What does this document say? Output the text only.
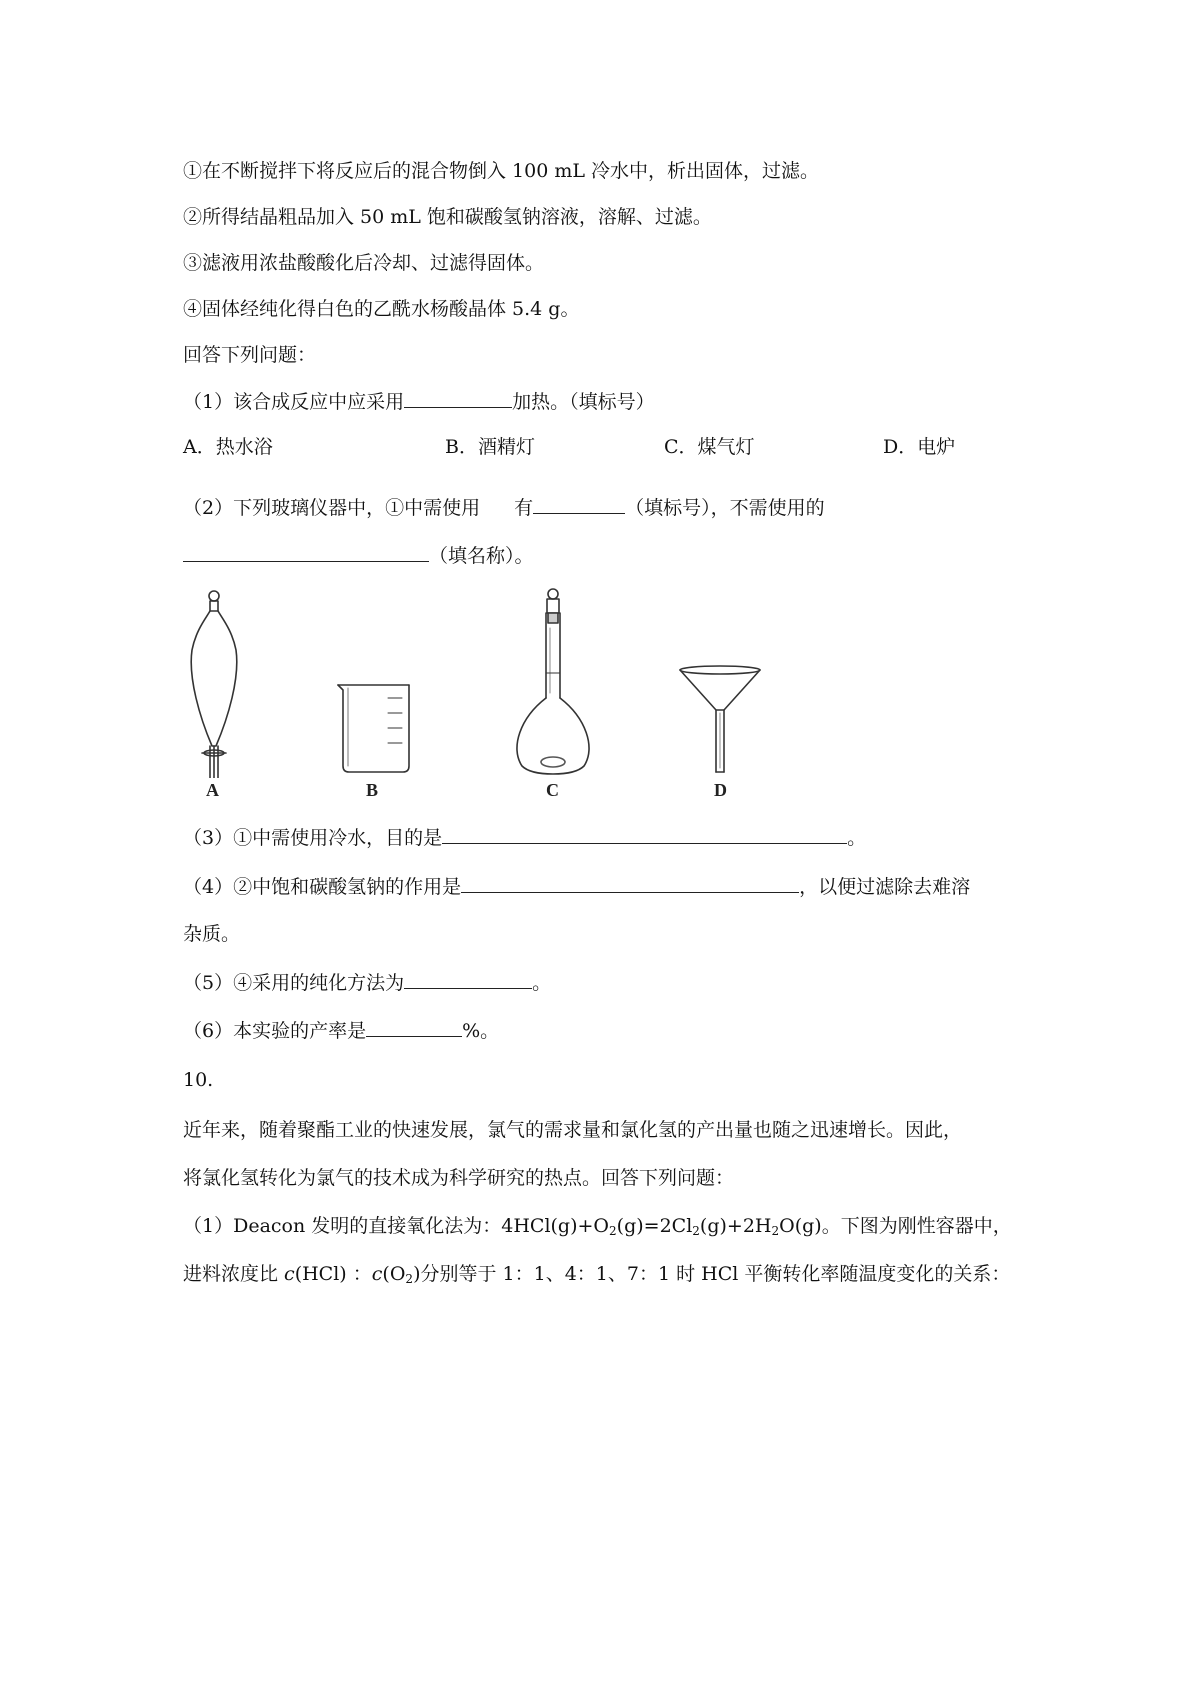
①在不断搅拌下将反应后的混合物倒入 100 mL 冷水中，析出固体，过滤。
②所得结晶粗品加入 50 mL 饱和碳酸氢钠溶液，溶解、过滤。
③滤液用浓盐酸酸化后冷却、过滤得固体。
④固体经纯化得白色的乙酰水杨酸晶体 5.4 g。
回答下列问题：
（1）该合成反应中应采用	加热。（填标号）
A．热水浴	B．酒精灯	C．煤气灯	D．电炉
（2）下列玻璃仪器中，①中需使用 有	（填标号），不需使用的
（填名称）。
A	B	C	D
（3）①中需使用冷水，目的是	。
（4）②中饱和碳酸氢钠的作用是	，以便过滤除去难溶
杂质。
（5）④采用的纯化方法为	。
（6）本实验的产率是	%。
10.
近年来，随着聚酯工业的快速发展，氯气的需求量和氯化氢的产出量也随之迅速增长。因此，
将氯化氢转化为氯气的技术成为科学研究的热点。回答下列问题：
（1）Deacon 发明的直接氧化法为：$4HCl(g)+O_2(g)=2Cl_2(g)+2H_2O(g)$。下图为刚性容器中，
进料浓度比 c(HCl) ：$c(O_2)$分别等于 1：1、4：1、7：1 时 HCl 平衡转化率随温度变化的关系：
